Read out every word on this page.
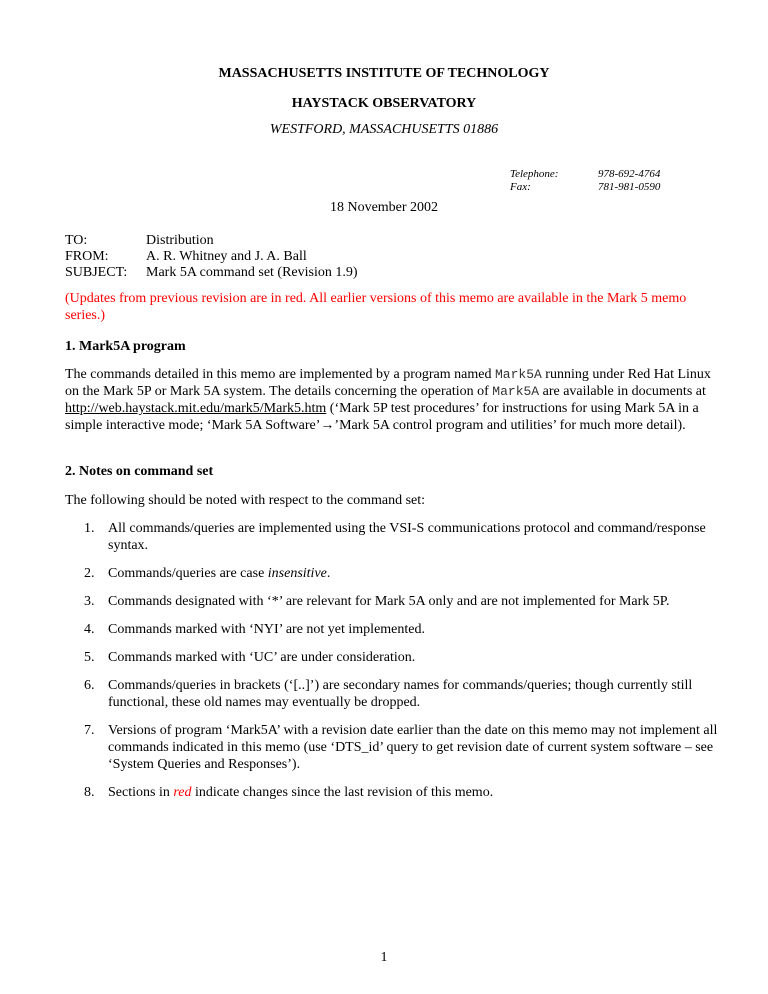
MASSACHUSETTS INSTITUTE OF TECHNOLOGY
HAYSTACK OBSERVATORY
WESTFORD, MASSACHUSETTS 01886
Telephone:	978-692-4764
Fax:	781-981-0590
18 November 2002
TO:	Distribution
FROM:	A. R. Whitney and J. A. Ball
SUBJECT:	Mark 5A command set (Revision 1.9)
(Updates from previous revision are in red. All earlier versions of this memo are available in the Mark 5 memo series.)
1. Mark5A program
The commands detailed in this memo are implemented by a program named Mark5A running under Red Hat Linux on the Mark 5P or Mark 5A system. The details concerning the operation of Mark5A are available in documents at http://web.haystack.mit.edu/mark5/Mark5.htm (‘Mark 5P test procedures’ for instructions for using Mark 5A in a simple interactive mode; ‘Mark 5A Software’→’Mark 5A control program and utilities’ for much more detail).
2. Notes on command set
The following should be noted with respect to the command set:
1. All commands/queries are implemented using the VSI-S communications protocol and command/response syntax.
2. Commands/queries are case insensitive.
3. Commands designated with ‘*’ are relevant for Mark 5A only and are not implemented for Mark 5P.
4. Commands marked with ‘NYI’ are not yet implemented.
5. Commands marked with ‘UC’ are under consideration.
6. Commands/queries in brackets (‘[..]’) are secondary names for commands/queries; though currently still functional, these old names may eventually be dropped.
7. Versions of program ‘Mark5A’ with a revision date earlier than the date on this memo may not implement all commands indicated in this memo (use ‘DTS_id’ query to get revision date of current system software – see ‘System Queries and Responses’).
8. Sections in red indicate changes since the last revision of this memo.
1
